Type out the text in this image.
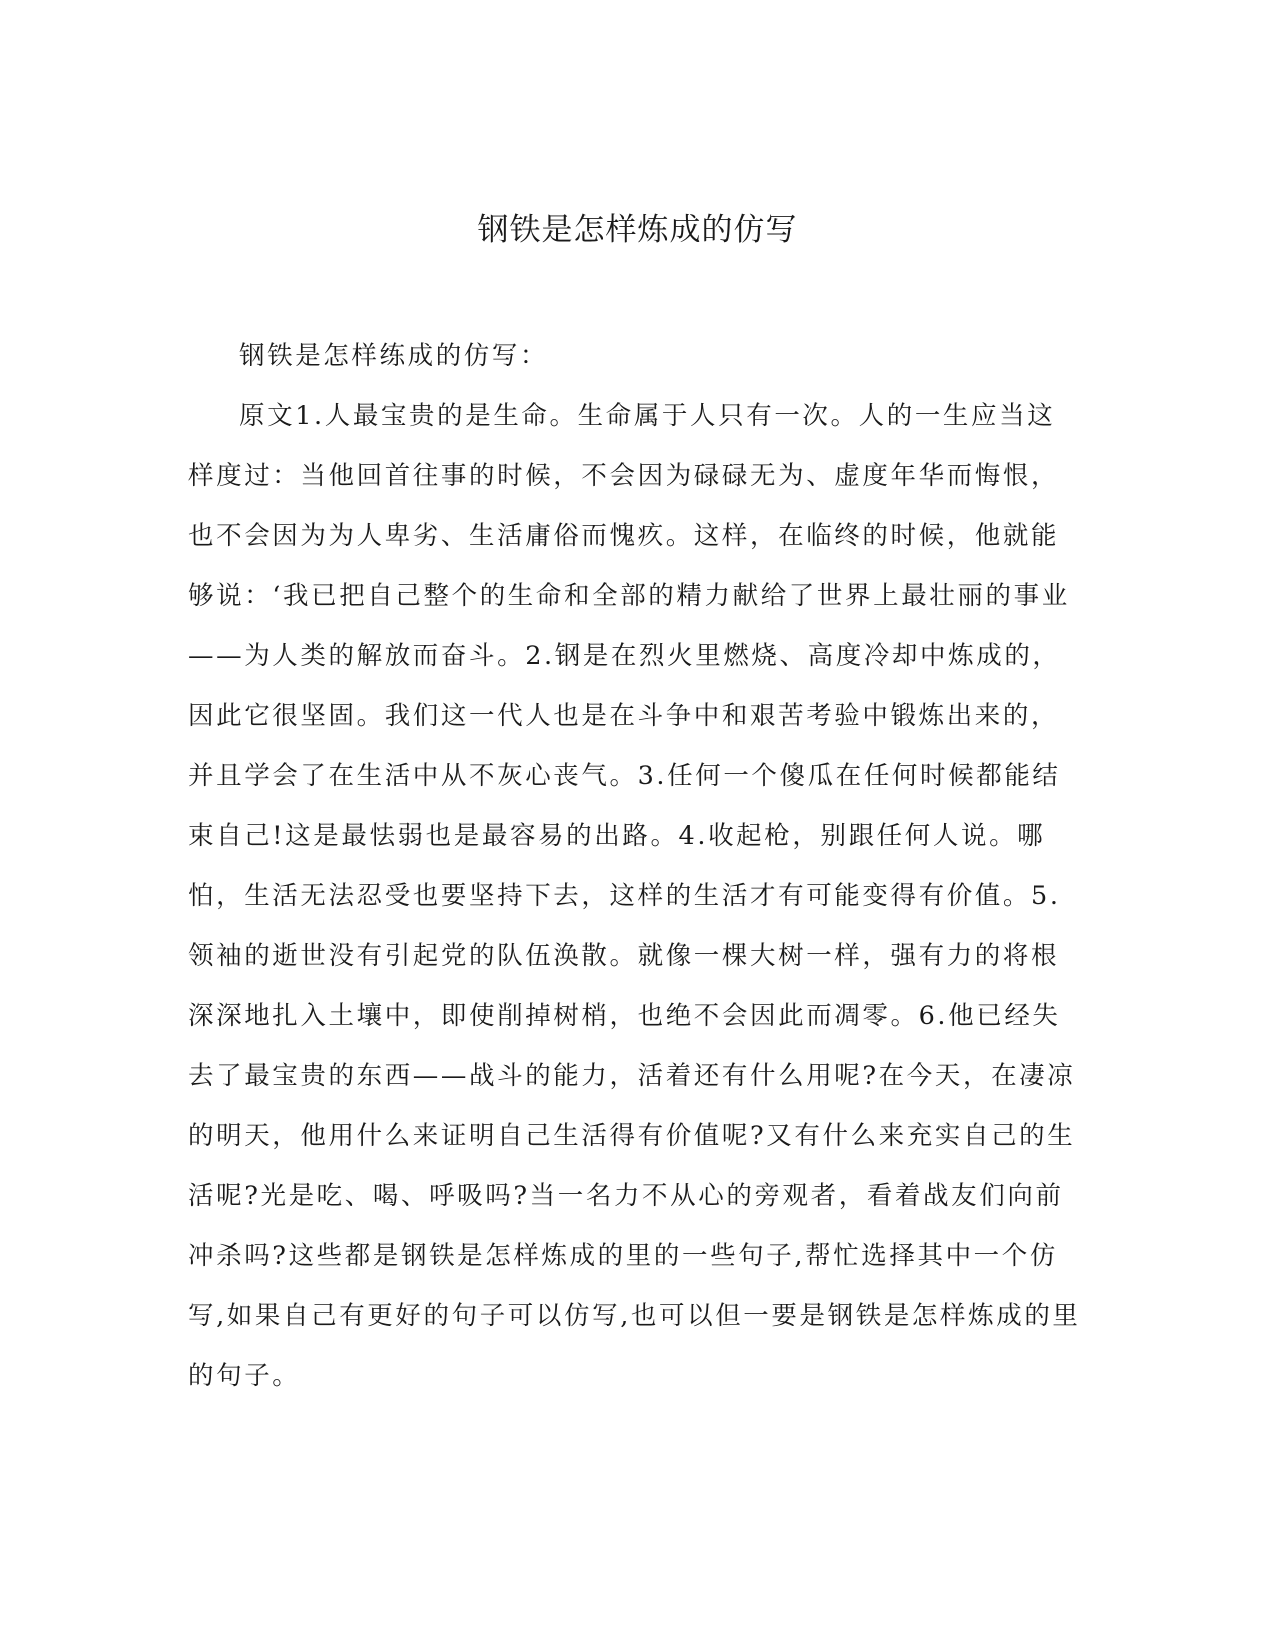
钢铁是怎样炼成的仿写

钢铁是怎样练成的仿写：

原文1.人最宝贵的是生命。生命属于人只有一次。人的一生应当这样度过：当他回首往事的时候，不会因为碌碌无为、虚度年华而悔恨，也不会因为为人卑劣、生活庸俗而愧疚。这样，在临终的时候，他就能够说：‘我已把自己整个的生命和全部的精力献给了世界上最壮丽的事业——为人类的解放而奋斗。2.钢是在烈火里燃烧、高度冷却中炼成的，因此它很坚固。我们这一代人也是在斗争中和艰苦考验中锻炼出来的，并且学会了在生活中从不灰心丧气。3.任何一个傻瓜在任何时候都能结束自己!这是最怯弱也是最容易的出路。4.收起枪，别跟任何人说。哪怕，生活无法忍受也要坚持下去，这样的生活才有可能变得有价值。5.领袖的逝世没有引起党的队伍涣散。就像一棵大树一样，强有力的将根深深地扎入土壤中，即使削掉树梢，也绝不会因此而凋零。6.他已经失去了最宝贵的东西——战斗的能力，活着还有什么用呢?在今天，在凄凉的明天，他用什么来证明自己生活得有价值呢?又有什么来充实自己的生活呢?光是吃、喝、呼吸吗?当一名力不从心的旁观者，看着战友们向前冲杀吗?这些都是钢铁是怎样炼成的里的一些句子,帮忙选择其中一个仿写,如果自己有更好的句子可以仿写,也可以但一要是钢铁是怎样炼成的里的句子。
